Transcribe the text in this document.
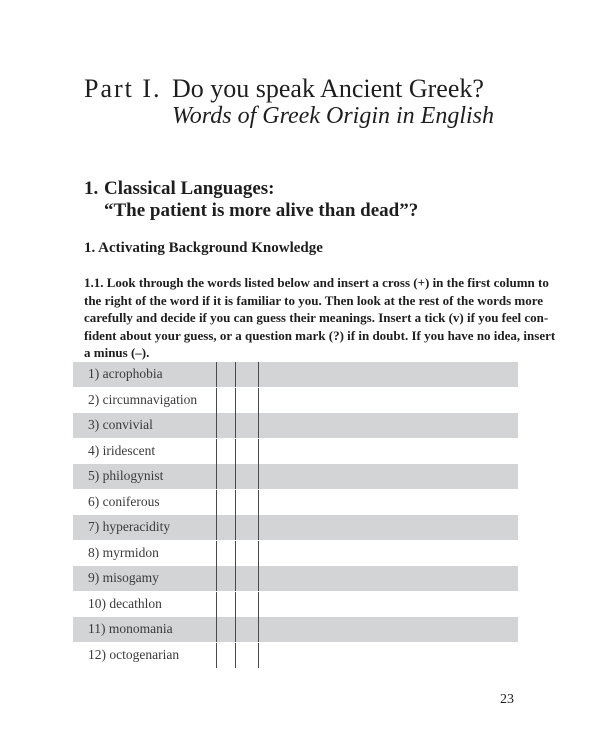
Part I. Do you speak Ancient Greek?
Words of Greek Origin in English
1. Classical Languages:
“The patient is more alive than dead”?
1. Activating Background Knowledge
1.1. Look through the words listed below and insert a cross (+) in the first column to
the right of the word if it is familiar to you. Then look at the rest of the words more
carefully and decide if you can guess their meanings. Insert a tick (v) if you feel con-
fident about your guess, or a question mark (?) if in doubt. If you have no idea, insert
a minus (–).
1) acrophobia
2) circumnavigation
3) convivial
4) iridescent
5) philogynist
6) coniferous
7) hyperacidity
8) myrmidon
9) misogamy
10) decathlon
11) monomania
12) octogenarian
23
